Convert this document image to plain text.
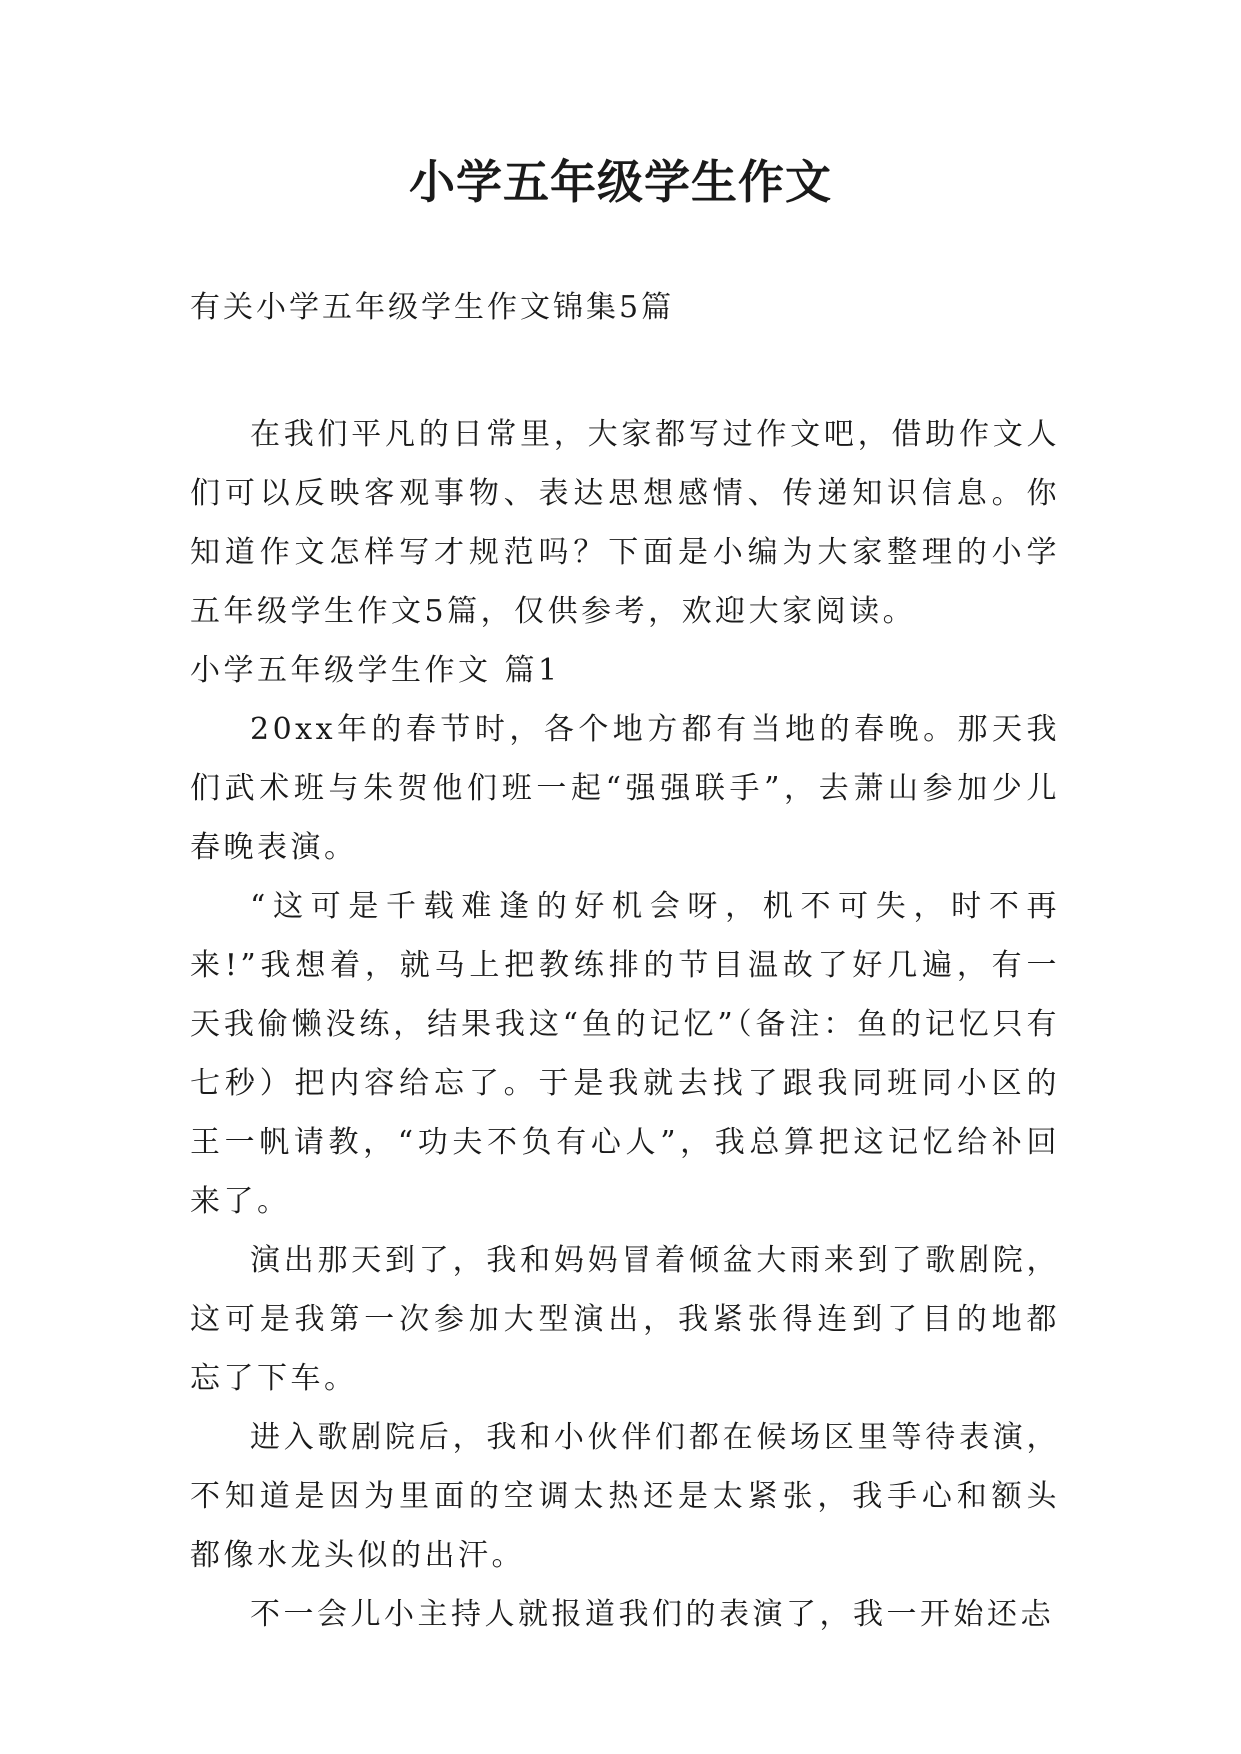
小学五年级学生作文
有关小学五年级学生作文锦集5篇

在我们平凡的日常里，大家都写过作文吧，借助作文人们可以反映客观事物、表达思想感情、传递知识信息。你知道作文怎样写才规范吗？下面是小编为大家整理的小学五年级学生作文5篇，仅供参考，欢迎大家阅读。

小学五年级学生作文 篇1

20xx年的春节时，各个地方都有当地的春晚。那天我们武术班与朱贺他们班一起“强强联手”，去萧山参加少儿春晚表演。

“这可是千载难逢的好机会呀，机不可失，时不再来!”我想着，就马上把教练排的节目温故了好几遍，有一天我偷懒没练，结果我这“鱼的记忆”（备注：鱼的记忆只有七秒）把内容给忘了。于是我就去找了跟我同班同小区的王一帆请教，“功夫不负有心人”，我总算把这记忆给补回来了。

演出那天到了，我和妈妈冒着倾盆大雨来到了歌剧院，这可是我第一次参加大型演出，我紧张得连到了目的地都忘了下车。

进入歌剧院后，我和小伙伴们都在候场区里等待表演，不知道是因为里面的空调太热还是太紧张，我手心和额头都像水龙头似的出汗。

不一会儿小主持人就报道我们的表演了，我一开始还忐
